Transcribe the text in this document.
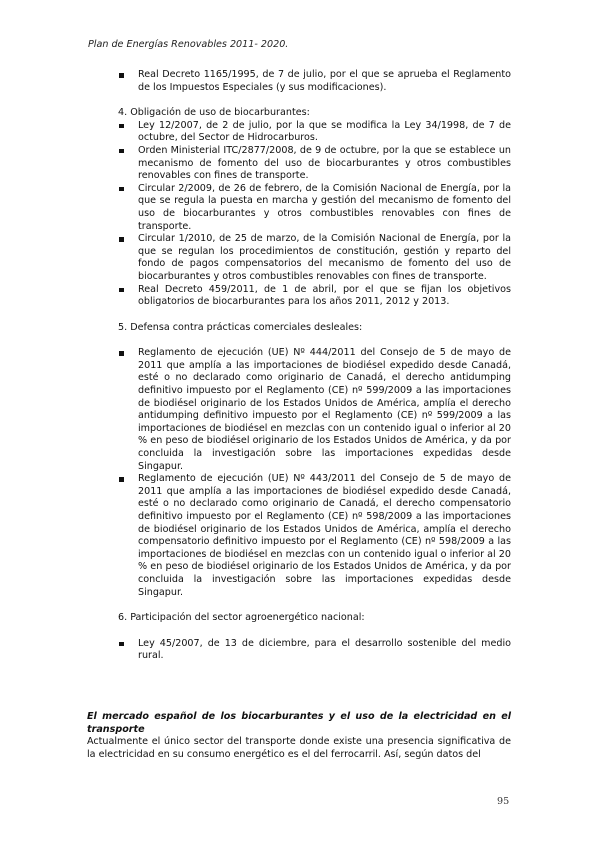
Plan de Energías Renovables 2011- 2020.
Real Decreto 1165/1995, de 7 de julio, por el que se aprueba el Reglamento de los Impuestos Especiales (y sus modificaciones).
4. Obligación de uso de biocarburantes:
Ley 12/2007, de 2 de julio, por la que se modifica la Ley 34/1998, de 7 de octubre, del Sector de Hidrocarburos.
Orden Ministerial ITC/2877/2008, de 9 de octubre, por la que se establece un mecanismo de fomento del uso de biocarburantes y otros combustibles renovables con fines de transporte.
Circular 2/2009, de 26 de febrero, de la Comisión Nacional de Energía, por la que se regula la puesta en marcha y gestión del mecanismo de fomento del uso de biocarburantes y otros combustibles renovables con fines de transporte.
Circular 1/2010, de 25 de marzo, de la Comisión Nacional de Energía, por la que se regulan los procedimientos de constitución, gestión y reparto del fondo de pagos compensatorios del mecanismo de fomento del uso de biocarburantes y otros combustibles renovables con fines de transporte.
Real Decreto 459/2011, de 1 de abril, por el que se fijan los objetivos obligatorios de biocarburantes para los años 2011, 2012 y 2013.
5. Defensa contra prácticas comerciales desleales:
Reglamento de ejecución (UE) Nº 444/2011 del Consejo de 5 de mayo de 2011 que amplía a las importaciones de biodiésel expedido desde Canadá, esté o no declarado como originario de Canadá, el derecho antidumping definitivo impuesto por el Reglamento (CE) nº 599/2009 a las importaciones de biodiésel originario de los Estados Unidos de América, amplía el derecho antidumping definitivo impuesto por el Reglamento (CE) nº 599/2009 a las importaciones de biodiésel en mezclas con un contenido igual o inferior al 20 % en peso de biodiésel originario de los Estados Unidos de América, y da por concluida la investigación sobre las importaciones expedidas desde Singapur.
Reglamento de ejecución (UE) Nº 443/2011 del Consejo de 5 de mayo de 2011 que amplía a las importaciones de biodiésel expedido desde Canadá, esté o no declarado como originario de Canadá, el derecho compensatorio definitivo impuesto por el Reglamento (CE) nº 598/2009 a las importaciones de biodiésel originario de los Estados Unidos de América, amplía el derecho compensatorio definitivo impuesto por el Reglamento (CE) nº 598/2009 a las importaciones de biodiésel en mezclas con un contenido igual o inferior al 20 % en peso de biodiésel originario de los Estados Unidos de América, y da por concluida la investigación sobre las importaciones expedidas desde Singapur.
6. Participación del sector agroenergético nacional:
Ley 45/2007, de 13 de diciembre, para el desarrollo sostenible del medio rural.
El mercado español de los biocarburantes y el uso de la electricidad en el transporte
Actualmente el único sector del transporte donde existe una presencia significativa de la electricidad en su consumo energético es el del ferrocarril. Así, según datos del
95
